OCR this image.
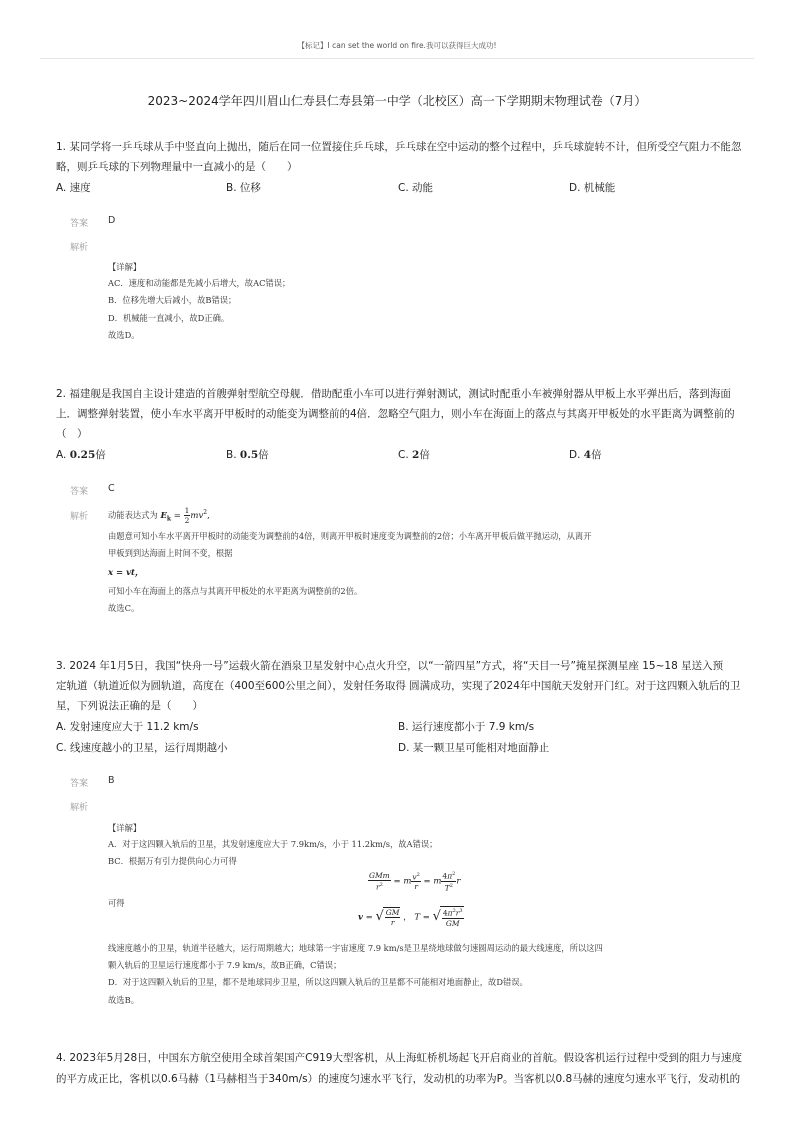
【标记】I can set the world on fire.我可以获得巨大成功!
2023~2024学年四川眉山仁寿县仁寿县第一中学（北校区）高一下学期期末物理试卷（7月）
1. 某同学将一乒乓球从手中竖直向上抛出，随后在同一位置接住乒乓球，乒乓球在空中运动的整个过程中，乒乓球旋转不计，但所受空气阻力不能忽
略，则乒乓球的下列物理量中一直减小的是（　　）
A. 速度	B. 位移	C. 动能	D. 机械能
答案 D
解析
【详解】
AC．速度和动能都是先减小后增大，故AC错误；
B．位移先增大后减小，故B错误；
D．机械能一直减小，故D正确。
故选D。
2. 福建舰是我国自主设计建造的首艘弹射型航空母舰．借助配重小车可以进行弹射测试，测试时配重小车被弹射器从甲板上水平弹出后，落到海面
上．调整弹射装置，使小车水平离开甲板时的动能变为调整前的4倍．忽略空气阻力，则小车在海面上的落点与其离开甲板处的水平距离为调整前的
（　）
A. 0.25倍	B. 0.5倍	C. 2倍	D. 4倍
答案 C
解析 动能表达式为 $E_k = \frac{1}{2} mv^2$,
由题意可知小车水平离开甲板时的动能变为调整前的4倍，则离开甲板时速度变为调整前的2倍；小车离开甲板后做平抛运动，从离开
甲板到到达海面上时间不变，根据
x = vt，
可知小车在海面上的落点与其离开甲板处的水平距离为调整前的2倍。
故选C。
3. 2024 年1月5日，我国“快舟一号”运载火箭在酒泉卫星发射中心点火升空，以“一箭四星”方式，将“天目一号”掩星探测星座 15~18 星送入预
定轨道（轨道近似为圆轨道，高度在（400至600公里之间），发射任务取得 圆满成功，实现了2024年中国航天发射开门红。对于这四颗入轨后的卫
星，下列说法正确的是（　　）
A. 发射速度应大于 11.2 km/s	B. 运行速度都小于 7.9 km/s
C. 线速度越小的卫星，运行周期越小	D. 某一颗卫星可能相对地面静止
答案 B
解析
【详解】
A．对于这四颗入轨后的卫星，其发射速度应大于 7.9km/s，小于 11.2km/s，故A错误；
BC．根据万有引力提供向心力可得
$\frac{\text{GMm}}{r^2} = m \frac{v^2}{r} = m \frac{4\pi^2}{T^2}$ r
可得
v = √ $\frac{GM}{r}$ ， T = √ $\frac{4\pi^2r^3}{GM}$
线速度越小的卫星，轨道半径越大，运行周期越大；地球第一宇宙速度 7.9 km/s是卫星绕地球做匀速圆周运动的最大线速度，所以这四
颗入轨后的卫星运行速度都小于 7.9 km/s，故B正确，C错误；
D．对于这四颗入轨后的卫星，都不是地球同步卫星，所以这四颗入轨后的卫星都不可能相对地面静止，故D错误。
故选B。
4. 2023年5月28日，中国东方航空使用全球首架国产C919大型客机，从上海虹桥机场起飞开启商业的首航。假设客机运行过程中受到的阻力与速度
的平方成正比，客机以0.6马赫（1马赫相当于340m/s）的速度匀速水平飞行，发动机的功率为P。当客机以0.8马赫的速度匀速水平飞行，发动机的
